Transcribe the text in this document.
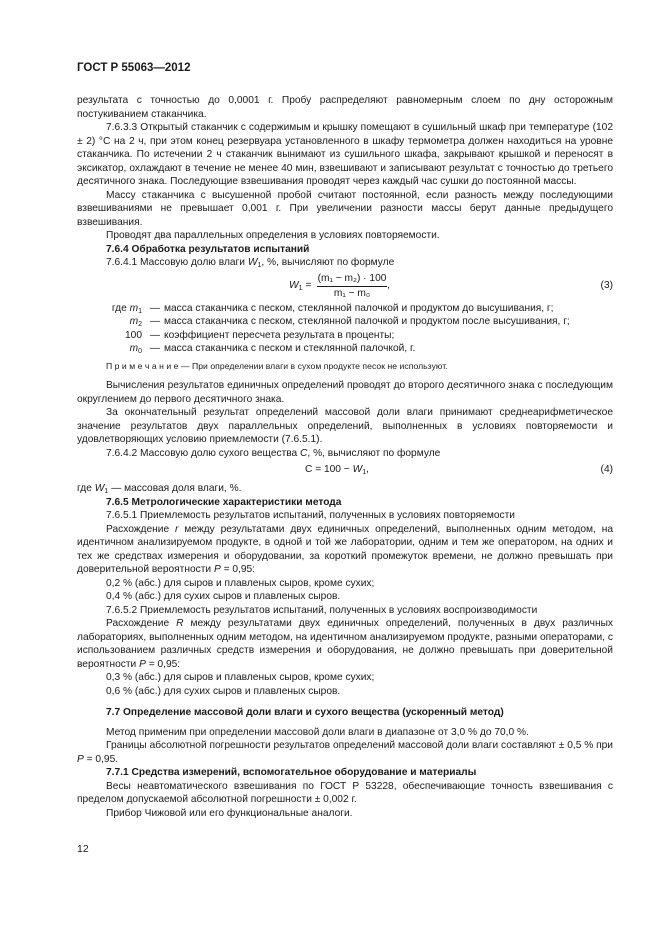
ГОСТ Р 55063—2012

результата с точностью до 0,0001 г. Пробу распределяют равномерным слоем по дну осторожным постукиванием стаканчика.

7.6.3.3 Открытый стаканчик с содержимым и крышку помещают в сушильный шкаф при температуре (102 ± 2) °С на 2 ч, при этом конец резервуара установленного в шкафу термометра должен находиться на уровне стаканчика. По истечении 2 ч стаканчик вынимают из сушильного шкафа, закрывают крышкой и переносят в эксикатор, охлаждают в течение не менее 40 мин, взвешивают и записывают результат с точностью до третьего десятичного знака. Последующие взвешивания проводят через каждый час сушки до постоянной массы.

Массу стаканчика с высушенной пробой считают постоянной, если разность между последующими взвешиваниями не превышает 0,001 г. При увеличении разности массы берут данные предыдущего взвешивания.

Проводят два параллельных определения в условиях повторяемости.

7.6.4 Обработка результатов испытаний

7.6.4.1 Массовую долю влаги $W_1$, %, вычисляют по формуле

$W_1 = \frac{\text{(m₁ − m₂) · 100}}{\text{m₁ − m₀}}$ ,	(3)
где $m_1$ — масса стаканчика с песком, стеклянной палочкой и продуктом до высушивания, г;
$m_2$ — масса стаканчика с песком, стеклянной палочкой и продуктом после высушивания, г;
100 — коэффициент пересчета результата в проценты;
$m_0$ — масса стаканчика с песком и стеклянной палочкой, г.

П р и м е ч а н и е — При определении влаги в сухом продукте песок не используют.

Вычисления результатов единичных определений проводят до второго десятичного знака с последующим округлением до первого десятичного знака.

За окончательный результат определений массовой доли влаги принимают среднеарифметическое значение результатов двух параллельных определений, выполненных в условиях повторяемости и удовлетворяющих условию приемлемости (7.6.5.1).

7.6.4.2 Массовую долю сухого вещества С, %, вычисляют по формуле

$С = 100 - W_1$,	(4)

где $W_1$ — массовая доля влаги, %.

7.6.5 Метрологические характеристики метода

7.6.5.1 Приемлемость результатов испытаний, полученных в условиях повторяемости

Расхождение r между результатами двух единичных определений, выполненных одним методом, на идентичном анализируемом продукте, в одной и той же лаборатории, одним и тем же оператором, на одних и тех же средствах измерения и оборудовании, за короткий промежуток времени, не должно превышать при доверительной вероятности Р = 0,95:

0,2 % (абс.) для сыров и плавленых сыров, кроме сухих;

0,4 % (абс.) для сухих сыров и плавленых сыров.

7.6.5.2 Приемлемость результатов испытаний, полученных в условиях воспроизводимости

Расхождение R между результатами двух единичных определений, полученных в двух различных лабораториях, выполненных одним методом, на идентичном анализируемом продукте, разными операторами, с использованием различных средств измерения и оборудования, не должно превышать при доверительной вероятности Р = 0,95:

0,3 % (абс.) для сыров и плавленых сыров, кроме сухих;

0,6 % (абс.) для сухих сыров и плавленых сыров.

7.7 Определение массовой доли влаги и сухого вещества (ускоренный метод)

Метод применим при определении массовой доли влаги в диапазоне от 3,0 % до 70,0 %.

Границы абсолютной погрешности результатов определений массовой доли влаги составляют ± 0,5 % при Р = 0,95.

7.7.1 Средства измерений, вспомогательное оборудование и материалы

Весы неавтоматического взвешивания по ГОСТ Р 53228, обеспечивающие точность взвешивания с пределом допускаемой абсолютной погрешности ± 0,002 г.

Прибор Чижовой или его функциональные аналоги.

12
